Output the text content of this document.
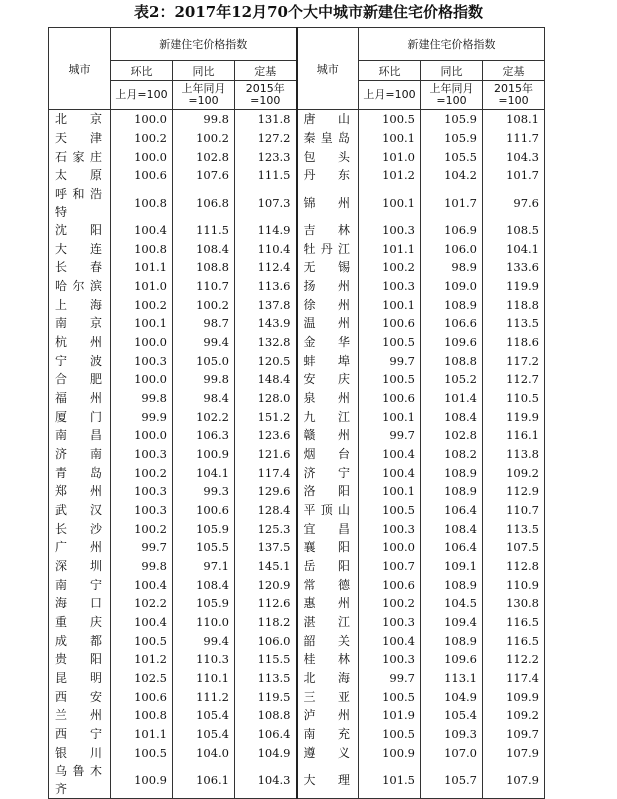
表2：2017年12月70个大中城市新建住宅价格指数
城市	新建住宅价格指数			城市	新建住宅价格指数		
	环比	同比	定基		环比	同比	定基
	上月=100	上年同月=100	2015年=100		上月=100	上年同月=100	2015年=100
北　京	100.0	99.8	131.8	唐　山	100.5	105.9	108.1
天　津	100.2	100.2	127.2	秦皇岛	100.1	105.9	111.7
石家庄	100.0	102.8	123.3	包　头	101.0	105.5	104.3
太　原	100.6	107.6	111.5	丹　东	101.2	104.2	101.7
呼和浩特	100.8	106.8	107.3	锦　州	100.1	101.7	97.6
沈　阳	100.4	111.5	114.9	吉　林	100.3	106.9	108.5
大　连	100.8	108.4	110.4	牡丹江	101.1	106.0	104.1
长　春	101.1	108.8	112.4	无　锡	100.2	98.9	133.6
哈尔滨	101.0	110.7	113.6	扬　州	100.3	109.0	119.9
上　海	100.2	100.2	137.8	徐　州	100.1	108.9	118.8
南　京	100.1	98.7	143.9	温　州	100.6	106.6	113.5
杭　州	100.0	99.4	132.8	金　华	100.5	109.6	118.6
宁　波	100.3	105.0	120.5	蚌　埠	99.7	108.8	117.2
合　肥	100.0	99.8	148.4	安　庆	100.5	105.2	112.7
福　州	99.8	98.4	128.0	泉　州	100.6	101.4	110.5
厦　门	99.9	102.2	151.2	九　江	100.1	108.4	119.9
南　昌	100.0	106.3	123.6	赣　州	99.7	102.8	116.1
济　南	100.3	100.9	121.6	烟　台	100.4	108.2	113.8
青　岛	100.2	104.1	117.4	济　宁	100.4	108.9	109.2
郑　州	100.3	99.3	129.6	洛　阳	100.1	108.9	112.9
武　汉	100.3	100.6	128.4	平顶山	100.5	106.4	110.7
长　沙	100.2	105.9	125.3	宜　昌	100.3	108.4	113.5
广　州	99.7	105.5	137.5	襄　阳	100.0	106.4	107.5
深　圳	99.8	97.1	145.1	岳　阳	100.7	109.1	112.8
南　宁	100.4	108.4	120.9	常　德	100.6	108.9	110.9
海　口	102.2	105.9	112.6	惠　州	100.2	104.5	130.8
重　庆	100.4	110.0	118.2	湛　江	100.3	109.4	116.5
成　都	100.5	99.4	106.0	韶　关	100.4	108.9	116.5
贵　阳	101.2	110.3	115.5	桂　林	100.3	109.6	112.2
昆　明	102.5	110.1	113.5	北　海	99.7	113.1	117.4
西　安	100.6	111.2	119.5	三　亚	100.5	104.9	109.9
兰　州	100.8	105.4	108.8	泸　州	101.9	105.4	109.2
西　宁	101.1	105.4	106.4	南　充	100.5	109.3	109.7
银　川	100.5	104.0	104.9	遵　义	100.9	107.0	107.9
乌鲁木齐	100.9	106.1	104.3	大　理	101.5	105.7	107.9
